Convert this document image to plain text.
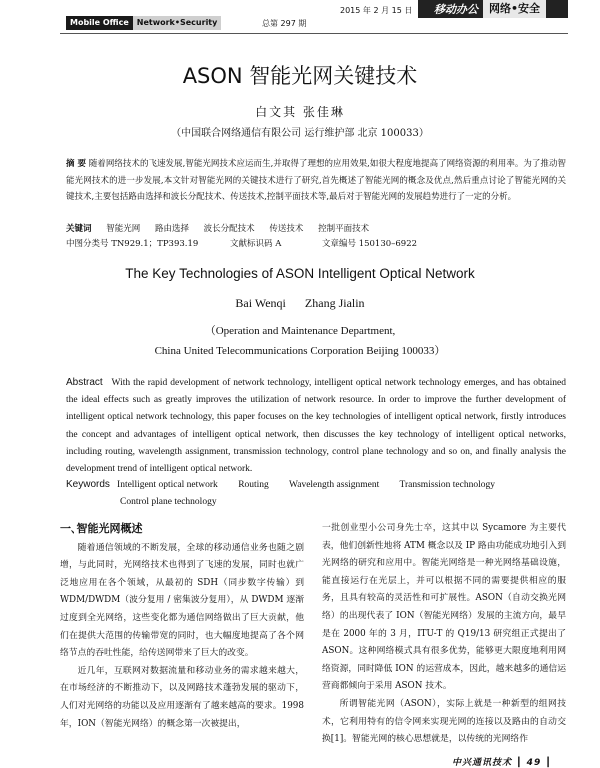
Mobile Office	Network•Security	总第 297 期
2015 年 2 月 15 日	移动办公	网络•安全
ASON 智能光网关键技术
白文其 张佳琳
（中国联合网络通信有限公司 运行维护部 北京 100033）
摘 要 随着网络技术的飞速发展,智能光网技术应运而生,并取得了理想的应用效果,如很大程度地提高了网络资源的利用率。为了推动智能光网技术的进一步发展,本文针对智能光网的关键技术进行了研究,首先概述了智能光网的概念及优点,然后重点讨论了智能光网的关键技术,主要包括路由选择和波长分配技术、传送技术,控制平面技术等,最后对于智能光网的发展趋势进行了一定的分析。
关键词 智能光网 路由选择 波长分配技术 传送技术 控制平面技术
中图分类号 TN929.1；TP393.19	文献标识码 A	文章编号 150130–6922
The Key Technologies of ASON Intelligent Optical Network
Bai Wenqi Zhang Jialin
（Operation and Maintenance Department,
China United Telecommunications Corporation Beijing 100033）
Abstract With the rapid development of network technology, intelligent optical network technology emerges, and has obtained the ideal effects such as greatly improves the utilization of network resource. In order to improve the further development of intelligent optical network technology, this paper focuses on the key technologies of intelligent optical network, firstly introduces the concept and advantages of intelligent optical network, then discusses the key technology of intelligent optical networks, including routing, wavelength assignment, transmission technology, control plane technology and so on, and finally analysis the development trend of intelligent optical network.
Keywords Intelligent optical network Routing Wavelength assignment Transmission technology
Control plane technology
一､智能光网概述

随着通信领域的不断发展，全球的移动通信业务也随之剧增，与此同时，光网络技术也得到了飞速的发展，同时也就广泛地应用在各个领域，从最初的 SDH（同步数字传输）到 WDM/DWDM（波分复用 / 密集波分复用），从 DWDM 逐渐过度到全光网络，这些变化都为通信网络做出了巨大贡献，他们在提供大范围的传输带宽的同时，也大幅度地提高了各个网络节点的吞吐性能，给传送网带来了巨大的改变。

近几年，互联网对数据流量和移动业务的需求越来越大，在市场经济的不断推动下，以及网路技术蓬勃发展的驱动下，人们对光网络的功能以及应用逐渐有了越来越高的要求。1998 年，ION（智能光网络）的概念第一次被提出，

一批创业型小公司身先士卒，这其中以 Sycamore 为主要代表，他们创新性地将 ATM 概念以及 IP 路由功能成功地引入到光网络的研究和应用中。智能光网络是一种光网络基础设施，能直接运行在光层上，并可以根据不同的需要提供相应的服务，且具有较高的灵活性和可扩展性。ASON（自动交换光网络）的出现代表了 ION（智能光网络）发展的主流方向，最早是在 2000 年的 3 月，ITU-T 的 Q19/13 研究组正式提出了 ASON。这种网络模式具有很多优势，能够更大限度地利用网络资源，同时降低 ION 的运营成本，因此，越来越多的通信运营商都倾向于采用 ASON 技术。

所谓智能光网（ASON），实际上就是一种新型的组网技术，它利用特有的信令网来实现光网的连接以及路由的自动交换[1]。智能光网的核心思想就是，以传统的光网络作

中兴通讯技术 ┃ 49 ┃
